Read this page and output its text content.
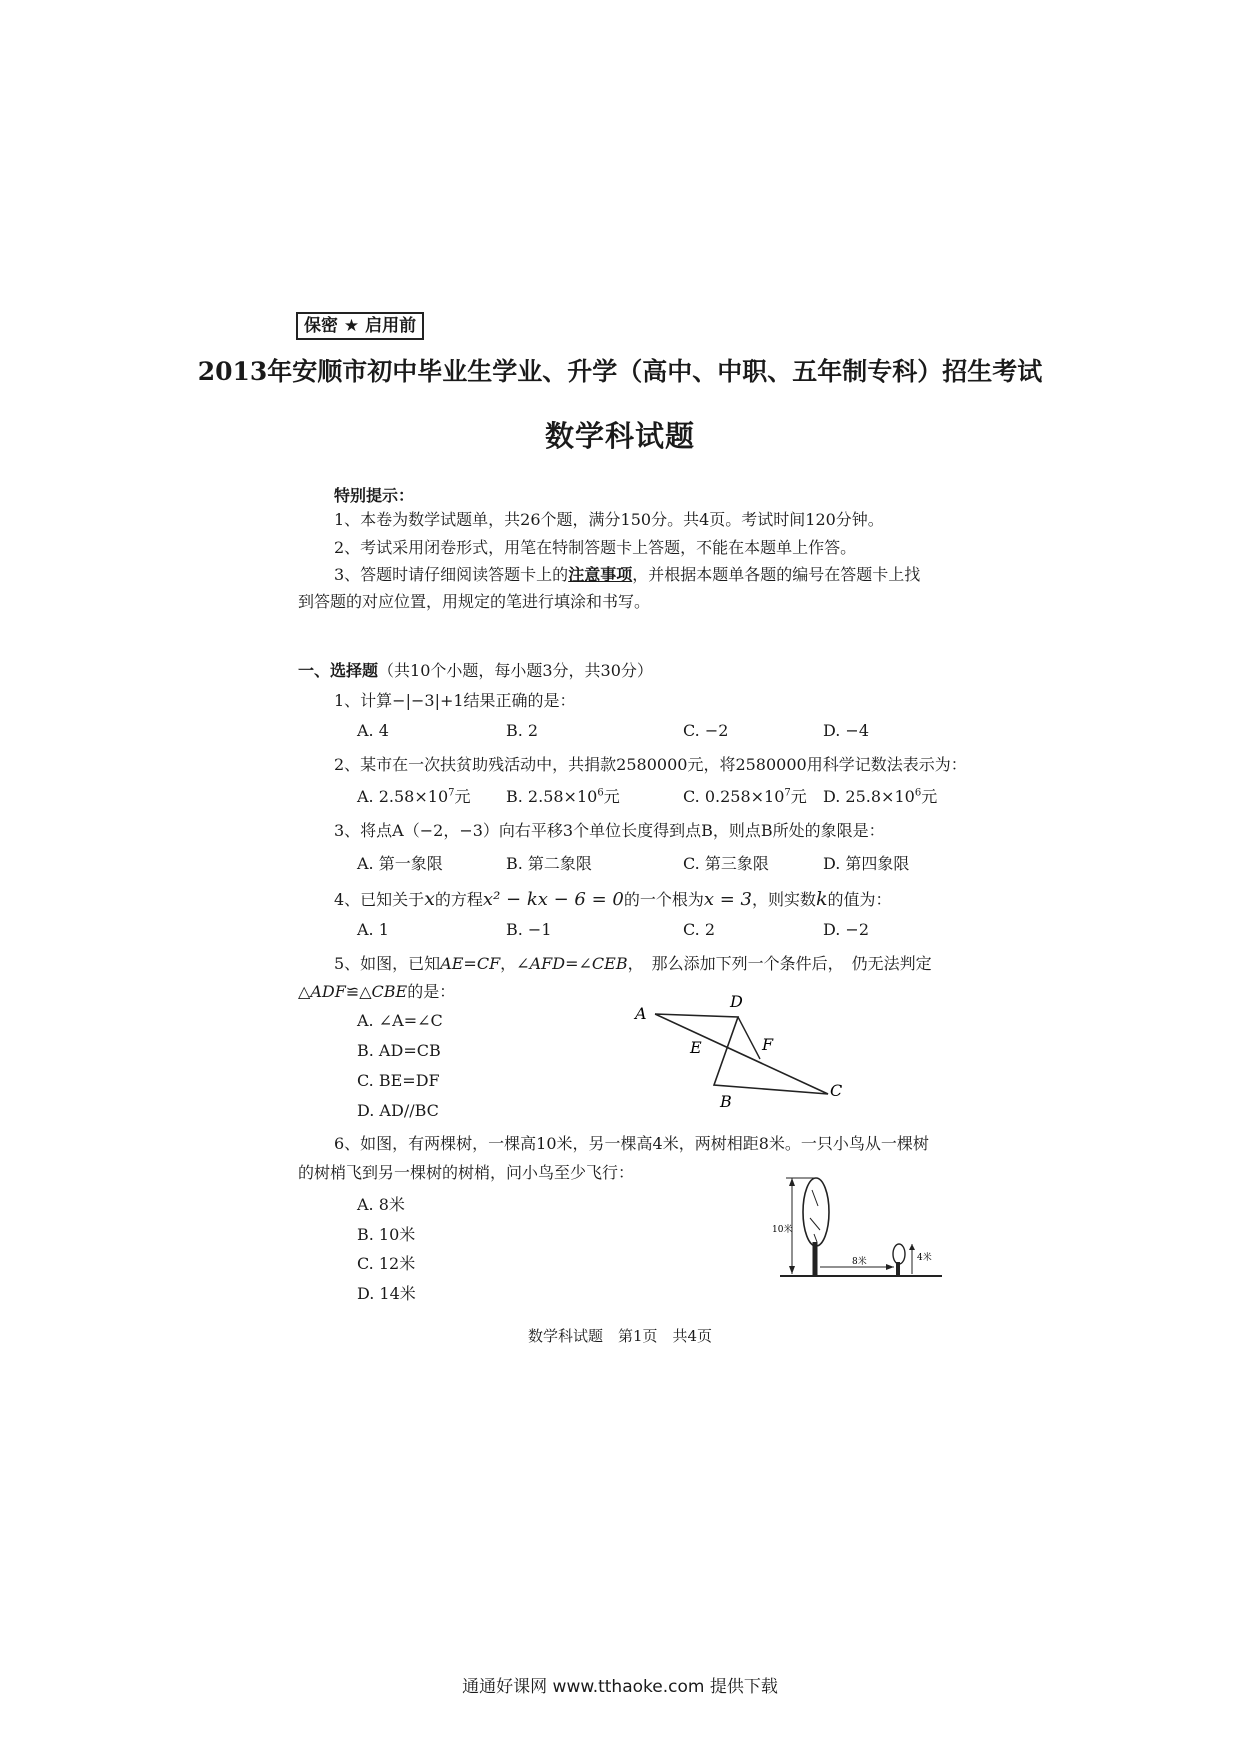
保密 ★ 启用前
2013年安顺市初中毕业生学业、升学（高中、中职、五年制专科）招生考试
数学科试题
特别提示：
1、本卷为数学试题单，共26个题，满分150分。共4页。考试时间120分钟。
2、考试采用闭卷形式，用笔在特制答题卡上答题，不能在本题单上作答。
3、答题时请仔细阅读答题卡上的注意事项，并根据本题单各题的编号在答题卡上找
到答题的对应位置，用规定的笔进行填涂和书写。
一、选择题（共10个小题，每小题3分，共30分）
1、计算−|−3|+1结果正确的是：
A. 4	B. 2	C. −2	D. −4
2、某市在一次扶贫助残活动中，共捐款2580000元，将2580000用科学记数法表示为：
A. $2.58\times 10^7$元 B. $2.58\times 10^6$元	C. $0.258\times 10^7$元 D. $25.8\times 10^6$元
3、将点A（−2，−3）向右平移3个单位长度得到点B，则点B所处的象限是：
A. 第一象限	B. 第二象限	C. 第三象限	D. 第四象限
4、已知关于x的方程x² − kx − 6 = 0的一个根为x = 3，则实数k的值为：
A. 1	B. −1	C. 2	D. −2
5、如图，已知AE=CF，∠AFD=∠CEB，　那么添加下列一个条件后，　仍无法判定
△ADF≌△CBE的是：
A. ∠A=∠C
B. AD=CB
C. BE=DF
D. AD//BC
A
D
E	F
B
C
6、如图，有两棵树，一棵高10米，另一棵高4米，两树相距8米。一只小鸟从一棵树
的树梢飞到另一棵树的树梢，问小鸟至少飞行：
A. 8米
B. 10米
C. 12米
D. 14米
10米
4米
8米
数学科试题　第1页　共4页
通通好课网 www.tthaoke.com 提供下载
